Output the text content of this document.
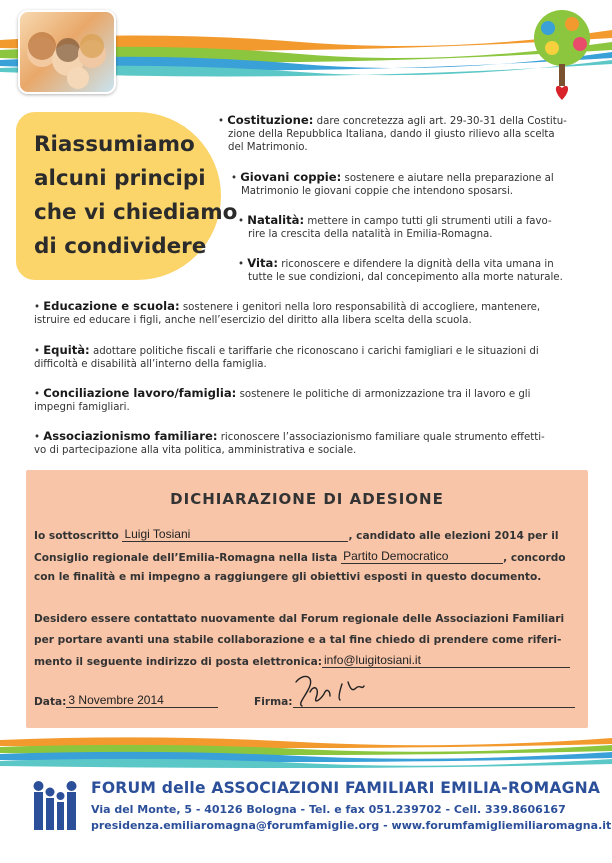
Riassumiamo
alcuni principi
che vi chiediamo
di condividere
• Costituzione: dare concretezza agli art. 29-30-31 della Costitu-
zione della Repubblica Italiana, dando il giusto rilievo alla scelta
del Matrimonio.
• Giovani coppie: sostenere e aiutare nella preparazione al
Matrimonio le giovani coppie che intendono sposarsi.
• Natalità: mettere in campo tutti gli strumenti utili a favo-
rire la crescita della natalità in Emilia-Romagna.
• Vita: riconoscere e difendere la dignità della vita umana in
tutte le sue condizioni, dal concepimento alla morte naturale.
• Educazione e scuola: sostenere i genitori nella loro responsabilità di accogliere, mantenere,
istruire ed educare i figli, anche nell’esercizio del diritto alla libera scelta della scuola.
• Equità: adottare politiche fiscali e tariffarie che riconoscano i carichi famigliari e le situazioni di
difficoltà e disabilità all’interno della famiglia.
• Conciliazione lavoro/famiglia: sostenere le politiche di armonizzazione tra il lavoro e gli
impegni famigliari.
• Associazionismo familiare: riconoscere l’associazionismo familiare quale strumento effetti-
vo di partecipazione alla vita politica, amministrativa e sociale.
DICHIARAZIONE DI ADESIONE
Io sottoscritto Luigi Tosiani	, candidato alle elezioni 2014 per il
Consiglio regionale dell’Emilia-Romagna nella lista Partito Democratico	, concordo
con le finalità e mi impegno a raggiungere gli obiettivi esposti in questo documento.
Desidero essere contattato nuovamente dal Forum regionale delle Associazioni Familiari
per portare avanti una stabile collaborazione e a tal fine chiedo di prendere come riferi-
mento il seguente indirizzo di posta elettronica: info@luigitosiani.it
Data: 3 Novembre 2014	Firma:
FORUM delle ASSOCIAZIONI FAMILIARI EMILIA-ROMAGNA
Via del Monte, 5 - 40126 Bologna - Tel. e fax 051.239702 - Cell. 339.8606167
presidenza.emiliaromagna@forumfamiglie.org - www.forumfamigliemiliaromagna.it
